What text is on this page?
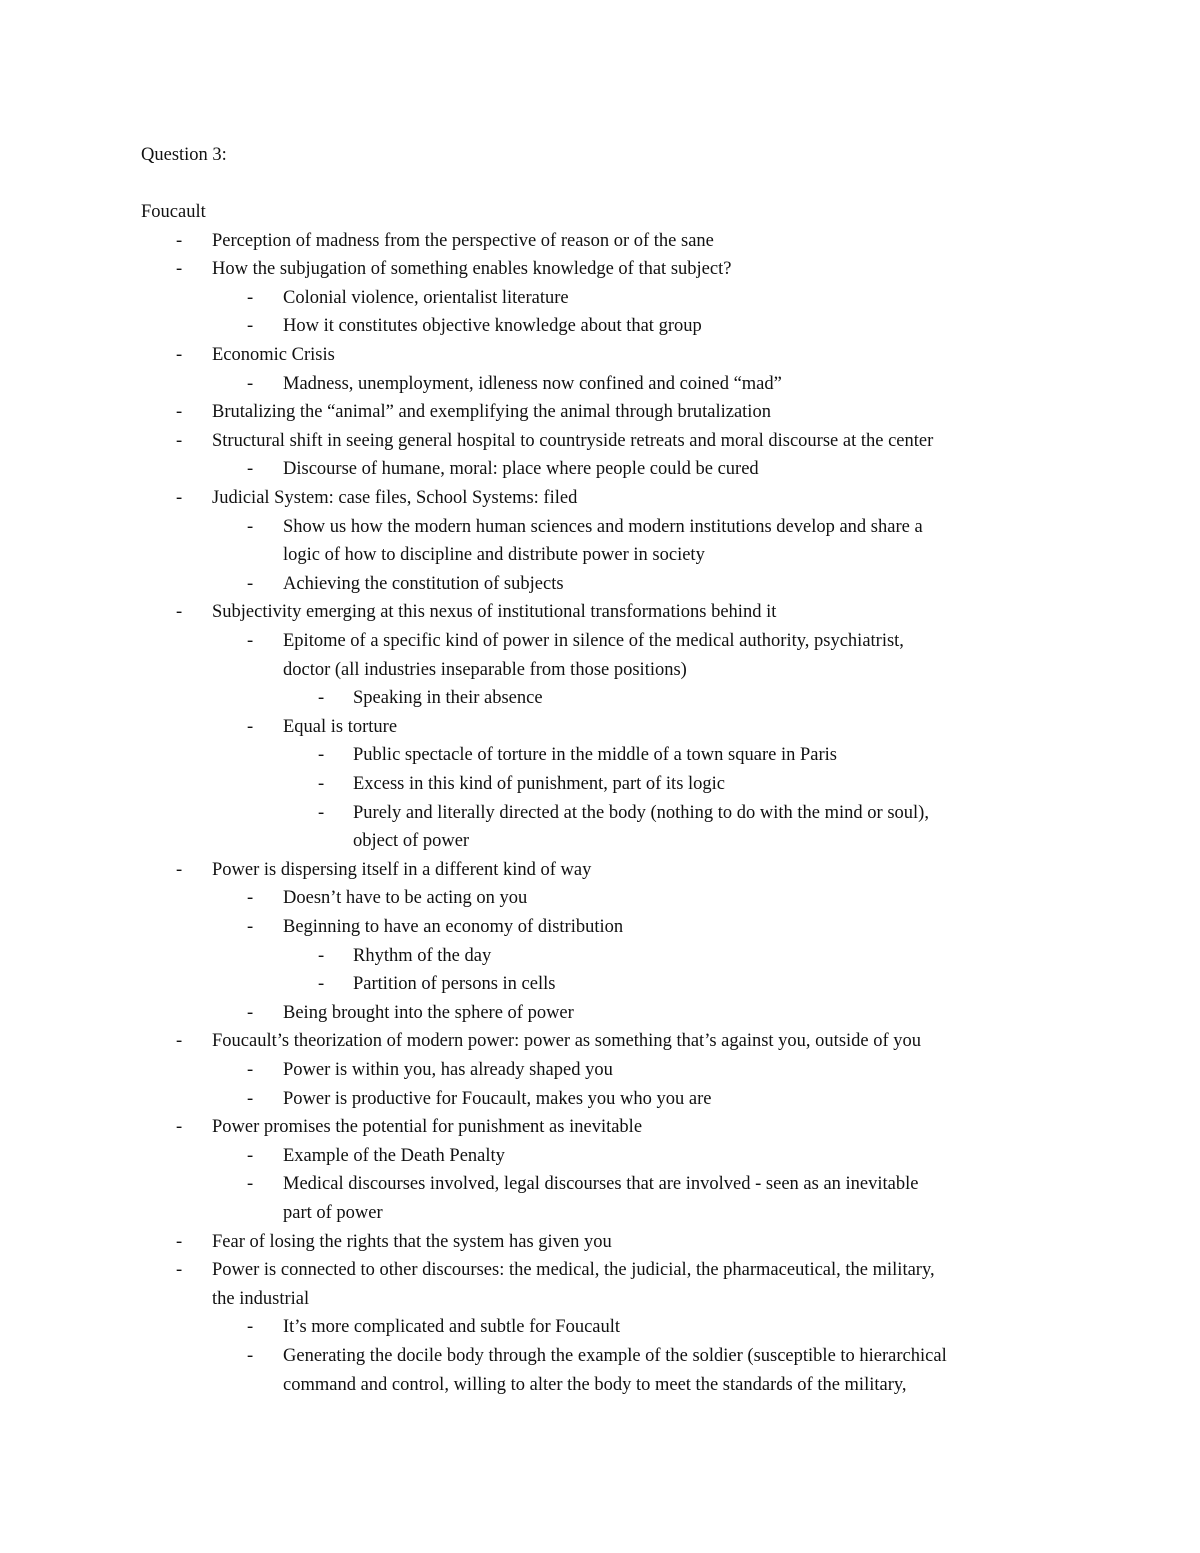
Question 3:
Foucault
- Perception of madness from the perspective of reason or of the sane
- How the subjugation of something enables knowledge of that subject?
- Colonial violence, orientalist literature
- How it constitutes objective knowledge about that group
- Economic Crisis
- Madness, unemployment, idleness now confined and coined “mad”
- Brutalizing the “animal” and exemplifying the animal through brutalization
- Structural shift in seeing general hospital to countryside retreats and moral discourse at the center
- Discourse of humane, moral: place where people could be cured
- Judicial System: case files, School Systems: filed
- Show us how the modern human sciences and modern institutions develop and share a
logic of how to discipline and distribute power in society
- Achieving the constitution of subjects
- Subjectivity emerging at this nexus of institutional transformations behind it
- Epitome of a specific kind of power in silence of the medical authority, psychiatrist,
doctor (all industries inseparable from those positions)
- Speaking in their absence
- Equal is torture
- Public spectacle of torture in the middle of a town square in Paris
- Excess in this kind of punishment, part of its logic
- Purely and literally directed at the body (nothing to do with the mind or soul),
object of power
- Power is dispersing itself in a different kind of way
- Doesn’t have to be acting on you
- Beginning to have an economy of distribution
- Rhythm of the day
- Partition of persons in cells
- Being brought into the sphere of power
- Foucault’s theorization of modern power: power as something that’s against you, outside of you
- Power is within you, has already shaped you
- Power is productive for Foucault, makes you who you are
- Power promises the potential for punishment as inevitable
- Example of the Death Penalty
- Medical discourses involved, legal discourses that are involved - seen as an inevitable
part of power
- Fear of losing the rights that the system has given you
- Power is connected to other discourses: the medical, the judicial, the pharmaceutical, the military,
the industrial
- It’s more complicated and subtle for Foucault
- Generating the docile body through the example of the soldier (susceptible to hierarchical
command and control, willing to alter the body to meet the standards of the military,
